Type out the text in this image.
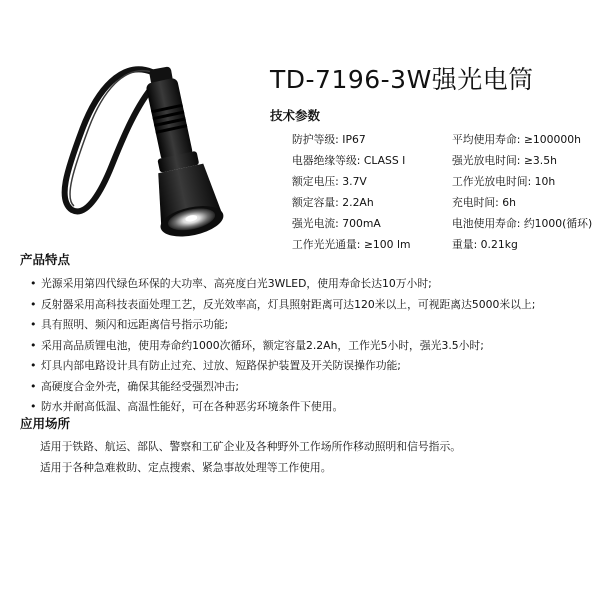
TD-7196-3W强光电筒
技术参数
防护等级: IP67	平均使用寿命: ≥100000h
电器绝缘等级: CLASS Ⅰ	强光放电时间: ≥3.5h
额定电压: 3.7V	工作光放电时间: 10h
额定容量: 2.2Ah	充电时间: 6h
强光电流: 700mA	电池使用寿命: 约1000(循环)
工作光光通量: ≥100 lm	重量: 0.21kg
产品特点
• 光源采用第四代绿色环保的大功率、高亮度白光3WLED，使用寿命长达10万小时;
• 反射器采用高科技表面处理工艺，反光效率高，灯具照射距离可达120米以上，可视距离达5000米以上;
• 具有照明、频闪和远距离信号指示功能;
• 采用高品质锂电池，使用寿命约1000次循环，额定容量2.2Ah，工作光5小时，强光3.5小时;
• 灯具内部电路设计具有防止过充、过放、短路保护装置及开关防误操作功能;
• 高硬度合金外壳，确保其能经受强烈冲击;
• 防水并耐高低温、高温性能好，可在各种恶劣环境条件下使用。
应用场所
适用于铁路、航运、部队、警察和工矿企业及各种野外工作场所作移动照明和信号指示。
适用于各种急难救助、定点搜索、紧急事故处理等工作使用。
